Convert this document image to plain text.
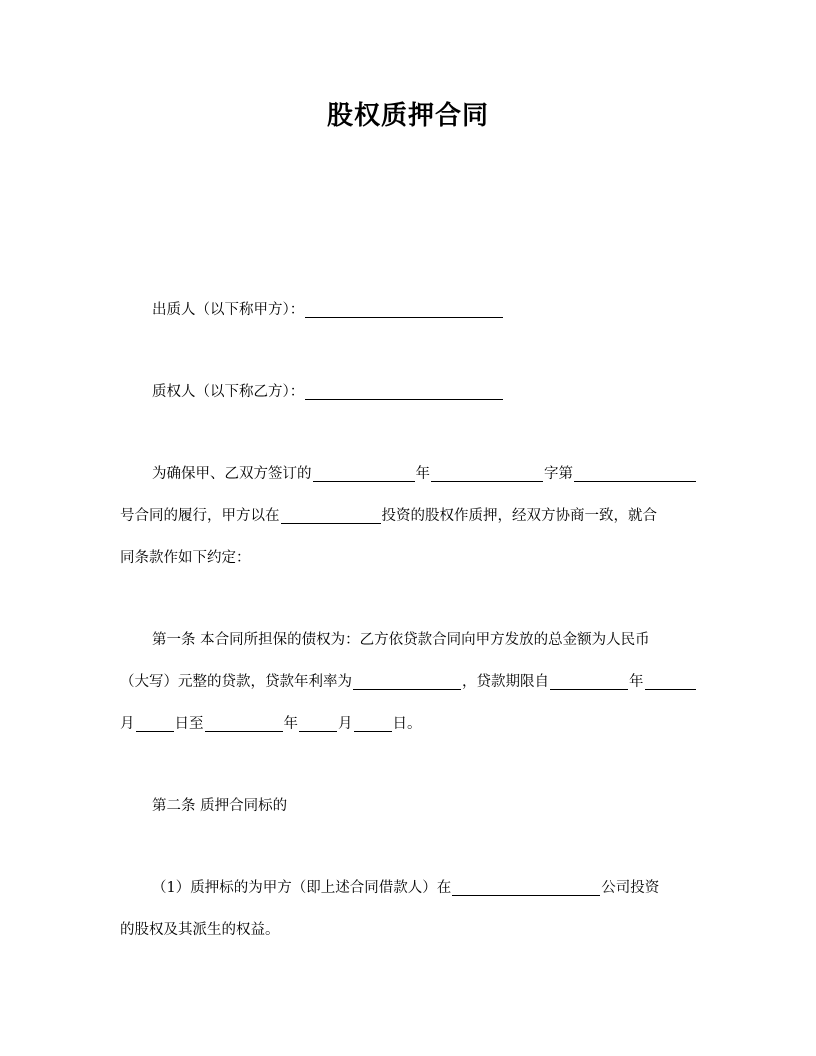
股权质押合同
出质人（以下称甲方）：
质权人（以下称乙方）：
为确保甲、乙双方签订的	年	字第
号合同的履行，甲方以在	投资的股权作质押，经双方协商一致，就合
同条款作如下约定：
第一条 本合同所担保的债权为：乙方依贷款合同向甲方发放的总金额为人民币
（大写）元整的贷款，贷款年利率为	，贷款期限自	年
月	日至	年	月	日。
第二条 质押合同标的
（1）质押标的为甲方（即上述合同借款人）在	公司投资
的股权及其派生的权益。
